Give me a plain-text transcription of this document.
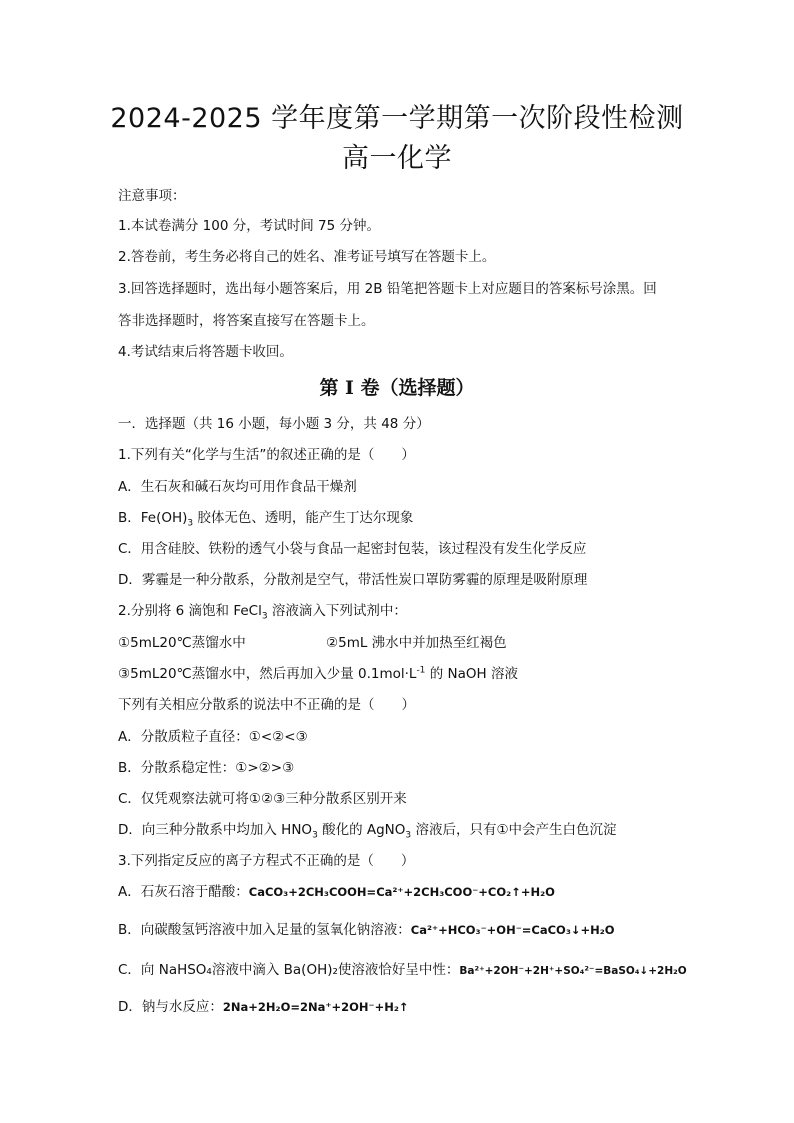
2024-2025 学年度第一学期第一次阶段性检测
高一化学
注意事项：
1.本试卷满分 100 分，考试时间 75 分钟。
2.答卷前，考生务必将自己的姓名、准考证号填写在答题卡上。
3.回答选择题时，选出每小题答案后，用 2B 铅笔把答题卡上对应题目的答案标号涂黑。回
答非选择题时，将答案直接写在答题卡上。
4.考试结束后将答题卡收回。
第 I 卷（选择题）
一．选择题（共 16 小题，每小题 3 分，共 48 分）
1.下列有关“化学与生活”的叙述正确的是（　　）
A．生石灰和碱石灰均可用作食品干燥剂
B．$Fe(OH)_3$ 胶体无色、透明，能产生丁达尔现象
C．用含硅胶、铁粉的透气小袋与食品一起密封包装，该过程没有发生化学反应
D．雾霾是一种分散系，分散剂是空气，带活性炭口罩防雾霾的原理是吸附原理
2.分别将 6 滴饱和 FeCl$_3$ 溶液滴入下列试剂中：
①5mL20℃蒸馏水中	②5mL 沸水中并加热至红褐色
③5mL20℃蒸馏水中，然后再加入少量 $0.1mol\cdot L^{-1}$ 的 NaOH 溶液
下列有关相应分散系的说法中不正确的是（　　）
A．分散质粒子直径：①<②<③
B．分散系稳定性：①>②>③
C．仅凭观察法就可将①②③三种分散系区别开来
D．向三种分散系中均加入 $HNO_3$ 酸化的 AgNO$_3$ 溶液后，只有①中会产生白色沉淀
3.下列指定反应的离子方程式不正确的是（　　）
A．石灰石溶于醋酸：CaCO₃+2CH₃COOH=Ca²⁺+2CH₃COO⁻+CO₂↑+H₂O
B．向碳酸氢钙溶液中加入足量的氢氧化钠溶液：Ca²⁺+HCO₃⁻+OH⁻=CaCO₃↓+H₂O
C．向 NaHSO₄溶液中滴入 Ba(OH)₂使溶液恰好呈中性：Ba²⁺+2OH⁻+2H⁺+SO₄²⁻=BaSO₄↓+2H₂O
D．钠与水反应：2Na+2H₂O=2Na⁺+2OH⁻+H₂↑
